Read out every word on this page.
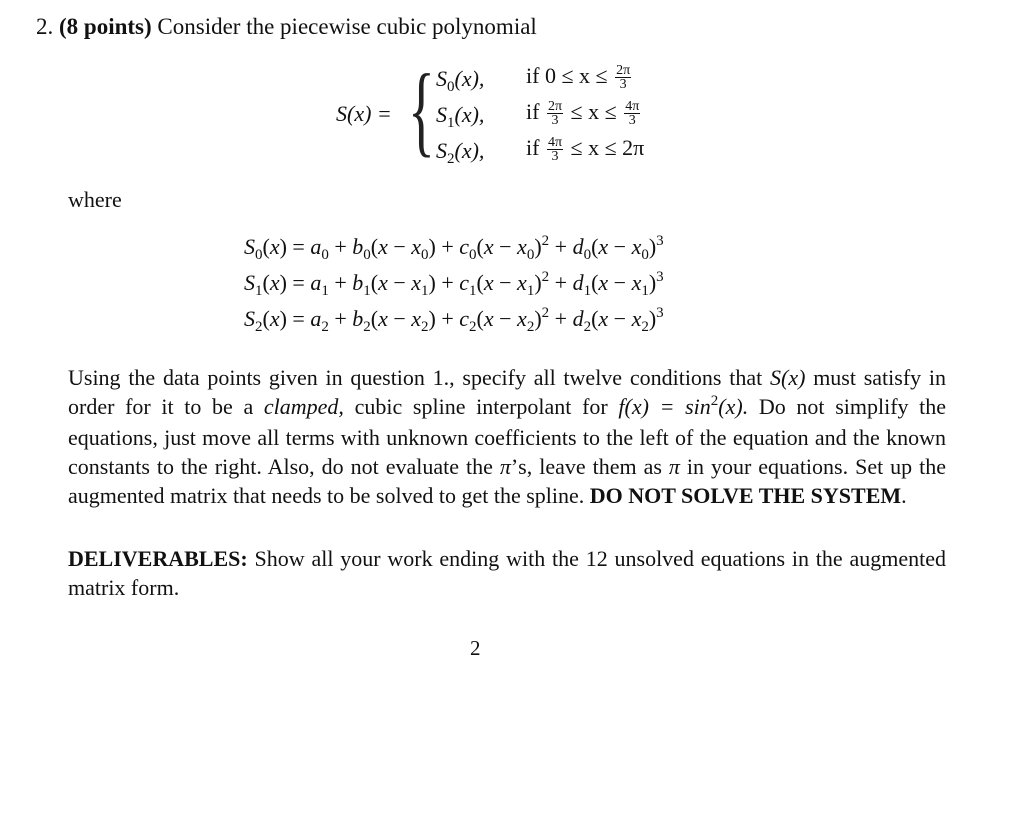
2. (8 points) Consider the piecewise cubic polynomial
S(x) = { $S_0(x)$, if $0 \le x \le \frac{2\pi}{3}$
$S_1(x)$, if $\frac{2\pi}{3} \le x \le \frac{4\pi}{3}$
$S_2(x)$, if $\frac{4\pi}{3} \le x \le 2\pi$
where
$S_0(x) = a_0 + b_0(x - x_0) + c_0(x - x_0)^2 + d_0(x - x_0)^3$
$S_1(x) = a_1 + b_1(x - x_1) + c_1(x - x_1)^2 + d_1(x - x_1)^3$
$S_2(x) = a_2 + b_2(x - x_2) + c_2(x - x_2)^2 + d_2(x - x_2)^3$
Using the data points given in question 1., specify all twelve conditions that S(x) must satisfy in order for it to be a clamped, cubic spline interpolant for $f(x) = \sin^2(x)$. Do not simplify the equations, just move all terms with unknown coefficients to the left of the equation and the known constants to the right. Also, do not evaluate the π’s, leave them as π in your equations. Set up the augmented matrix that needs to be solved to get the spline. DO NOT SOLVE THE SYSTEM.
DELIVERABLES: Show all your work ending with the 12 unsolved equations in the augmented matrix form.
2
